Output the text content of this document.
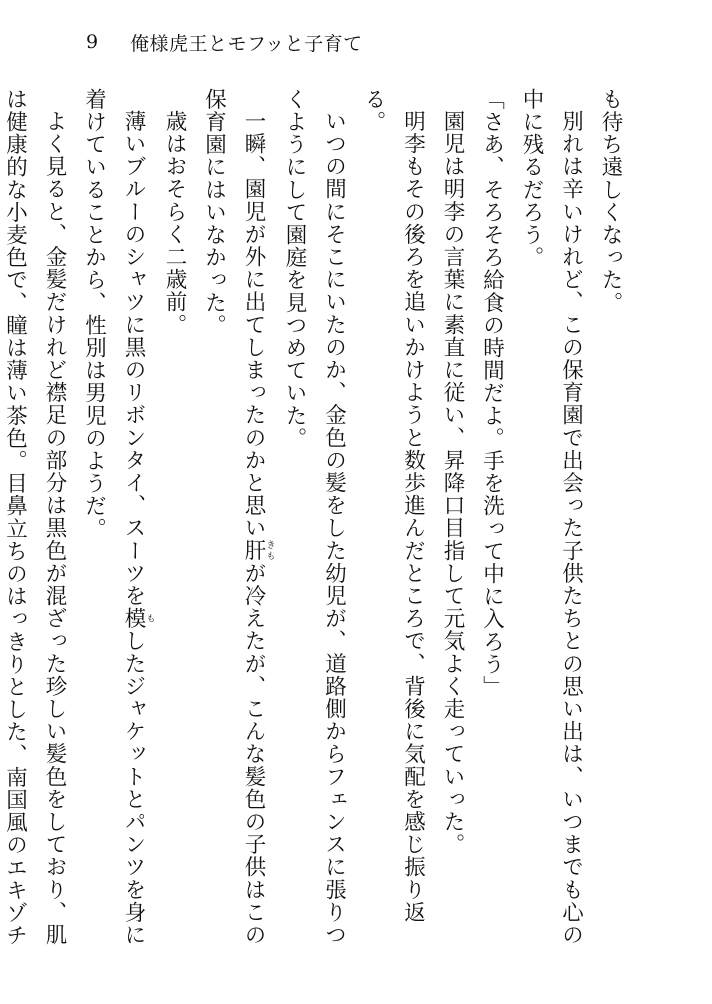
9	俺様虎王とモフッと子育て

も待ち遠しくなった。

別れは辛いけれど、この保育園で出会った子供たちとの思い出は、いつまでも心の中に残るだろう。

「さあ、そろそろ給食の時間だよ。手を洗って中に入ろう」

園児は明李の言葉に素直に従い、昇降口目指して元気よく走っていった。

明李もその後ろを追いかけようと数歩進んだところで、背後に気配を感じ振り返る。

いつの間にそこにいたのか、金色の髪をした幼児が、道路側からフェンスに張りつくようにして園庭を見つめていた。

一瞬、園児が外に出てしまったのかと思い肝きもが冷えたが、こんな髪色の子供はこの保育園にはいなかった。

歳はおそらく二歳前。

薄いブルーのシャツに黒のリボンタイ、スーツを模もしたジャケットとパンツを身に着けていることから、性別は男児のようだ。

よく見ると、金髪だけれど襟足の部分は黒色が混ざった珍しい髪色をしており、肌は健康的な小麦色で、瞳は薄い茶色。目鼻立ちのはっきりとした、南国風のエキゾチ
